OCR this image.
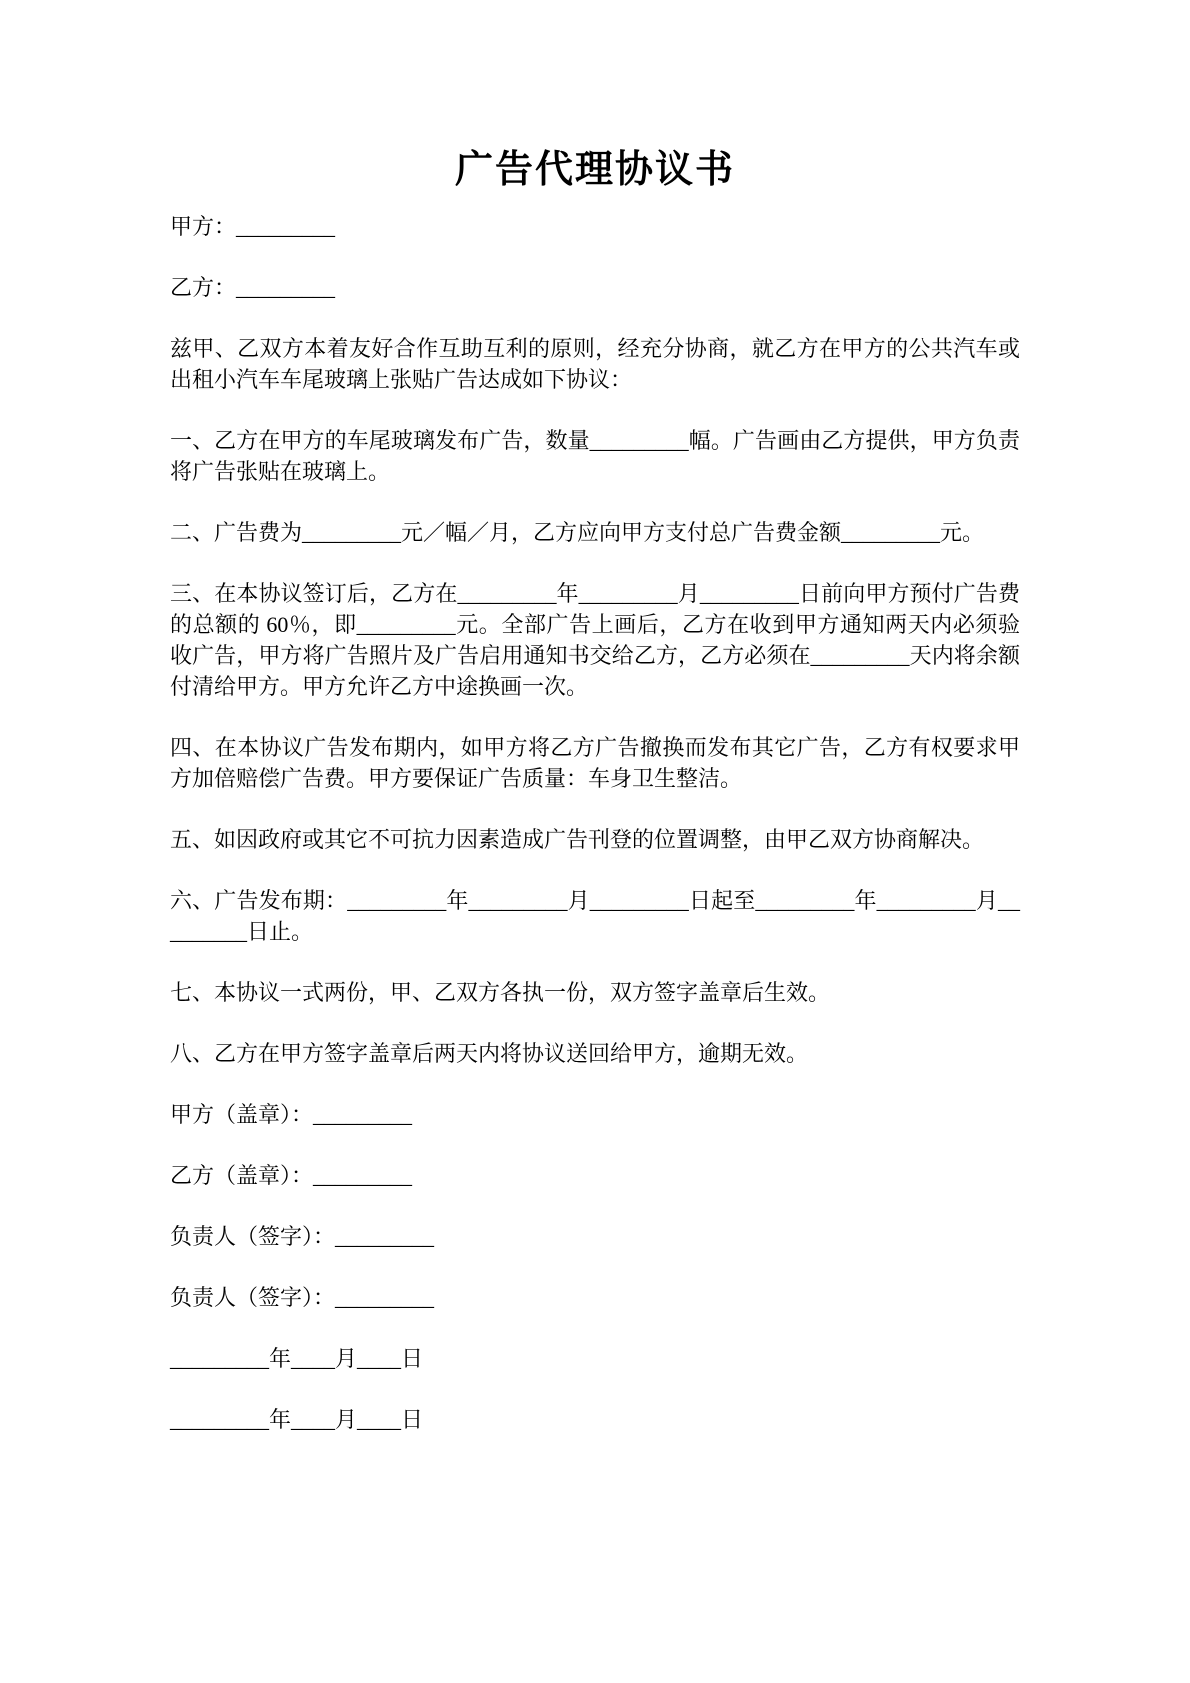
广告代理协议书

甲方：_________

乙方：_________

兹甲、乙双方本着友好合作互助互利的原则，经充分协商，就乙方在甲方的公共汽车或出租小汽车车尾玻璃上张贴广告达成如下协议：

一、乙方在甲方的车尾玻璃发布广告，数量_________幅。广告画由乙方提供，甲方负责将广告张贴在玻璃上。

二、广告费为_________元／幅／月，乙方应向甲方支付总广告费金额_________元。

三、在本协议签订后，乙方在_________年_________月_________日前向甲方预付广告费的总额的 60％，即_________元。全部广告上画后，乙方在收到甲方通知两天内必须验收广告，甲方将广告照片及广告启用通知书交给乙方，乙方必须在_________天内将余额付清给甲方。甲方允许乙方中途换画一次。

四、在本协议广告发布期内，如甲方将乙方广告撤换而发布其它广告，乙方有权要求甲方加倍赔偿广告费。甲方要保证广告质量：车身卫生整洁。

五、如因政府或其它不可抗力因素造成广告刊登的位置调整，由甲乙双方协商解决。

六、广告发布期：_________年_________月_________日起至_________年_________月_________日止。

七、本协议一式两份，甲、乙双方各执一份，双方签字盖章后生效。

八、乙方在甲方签字盖章后两天内将协议送回给甲方，逾期无效。

甲方（盖章）：_________

乙方（盖章）：_________

负责人（签字）：_________

负责人（签字）：_________

_________年____月____日

_________年____月____日
